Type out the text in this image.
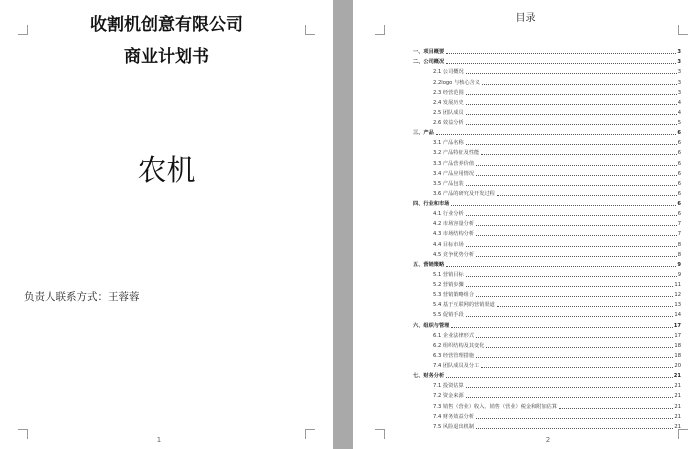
收割机创意有限公司
商业计划书
农机
负责人联系方式：王蓉蓉
1
目录
一、项目概要	3
二、公司概况	3
2.1 公司概况	3
2.2logo 与核心含义	3
2.3 经营范围	3
2.4 发展历史	4
2.5 团队成员	4
2.6 效益分析	5
三、产品	6
3.1 产品名称	6
3.2 产品特征及性能	6
3.3 产品营养价值	6
3.4 产品应用情况	6
3.5 产品包装	6
3.6 产品的研究及开发过程	6
四、行业和市场	6
4.1 行业分析	6
4.2 市场容量分析	7
4.3 市场结构分析	7
4.4 目标市场	8
4.5 竞争优势分析	8
五、营销策略	9
5.1 营销目标	9
5.2 营销步骤	11
5.3 营销策略组合	12
5.4 基于互联网的营销渠道	13
5.5 促销手段	14
六、组织与管理	17
6.1 企业法律形式	17
6.2 组织结构及其变化	18
6.3 经营管理措施	18
7.4 团队成员及分工	20
七、财务分析	21
7.1 投资估算	21
7.2 资金来源	21
7.3 销售（营业）收入、销售（营业）税金和附加估算	21
7.4 财务效益分析	21
7.5 风险退出机制	21
2
